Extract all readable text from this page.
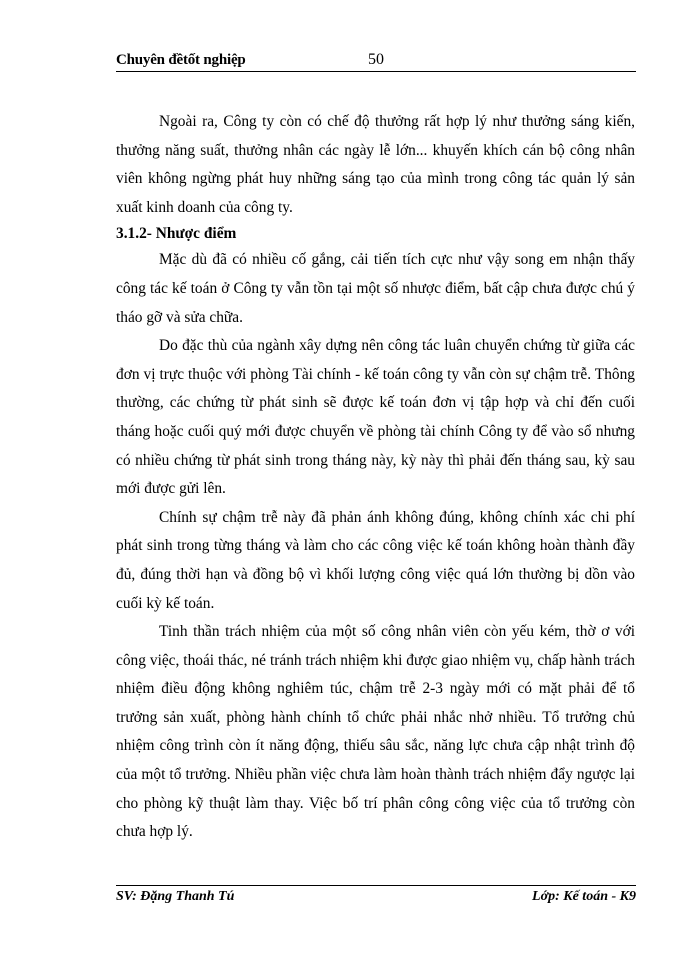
Chuyên đềtốt nghiệp	50

Ngoài ra, Công ty còn có chế độ thưởng rất hợp lý như thưởng sáng kiến, thưởng năng suất, thưởng nhân các ngày lễ lớn... khuyến khích cán bộ công nhân viên không ngừng phát huy những sáng tạo của mình trong công tác quản lý sản xuất kinh doanh của công ty.

3.1.2- Nhược điểm

Mặc dù đã có nhiều cố gắng, cải tiến tích cực như vậy song em nhận thấy công tác kế toán ở Công ty vẫn tồn tại một số nhược điểm, bất cập chưa được chú ý tháo gỡ và sửa chữa.

Do đặc thù của ngành xây dựng nên công tác luân chuyển chứng từ giữa các đơn vị trực thuộc với phòng Tài chính - kế toán công ty vẫn còn sự chậm trễ. Thông thường, các chứng từ phát sinh sẽ được kế toán đơn vị tập hợp và chỉ đến cuối tháng hoặc cuối quý mới được chuyển về phòng tài chính Công ty để vào sổ nhưng có nhiều chứng từ phát sinh trong tháng này, kỳ này thì phải đến tháng sau, kỳ sau mới được gửi lên.

Chính sự chậm trễ này đã phản ánh không đúng, không chính xác chi phí phát sinh trong từng tháng và làm cho các công việc kế toán không hoàn thành đầy đủ, đúng thời hạn và đồng bộ vì khối lượng công việc quá lớn thường bị dồn vào cuối kỳ kế toán.

Tinh thần trách nhiệm của một số công nhân viên còn yếu kém, thờ ơ với công việc, thoái thác, né tránh trách nhiệm khi được giao nhiệm vụ, chấp hành trách nhiệm điều động không nghiêm túc, chậm trễ 2-3 ngày mới có mặt phải để tổ trưởng sản xuất, phòng hành chính tổ chức phải nhắc nhở nhiều. Tổ trưởng chủ nhiệm công trình còn ít năng động, thiếu sâu sắc, năng lực chưa cập nhật trình độ của một tổ trưởng. Nhiều phần việc chưa làm hoàn thành trách nhiệm đẩy ngược lại cho phòng kỹ thuật làm thay. Việc bố trí phân công công việc của tổ trưởng còn chưa hợp lý.

SV: Đặng Thanh Tú	Lớp: Kế toán - K9
